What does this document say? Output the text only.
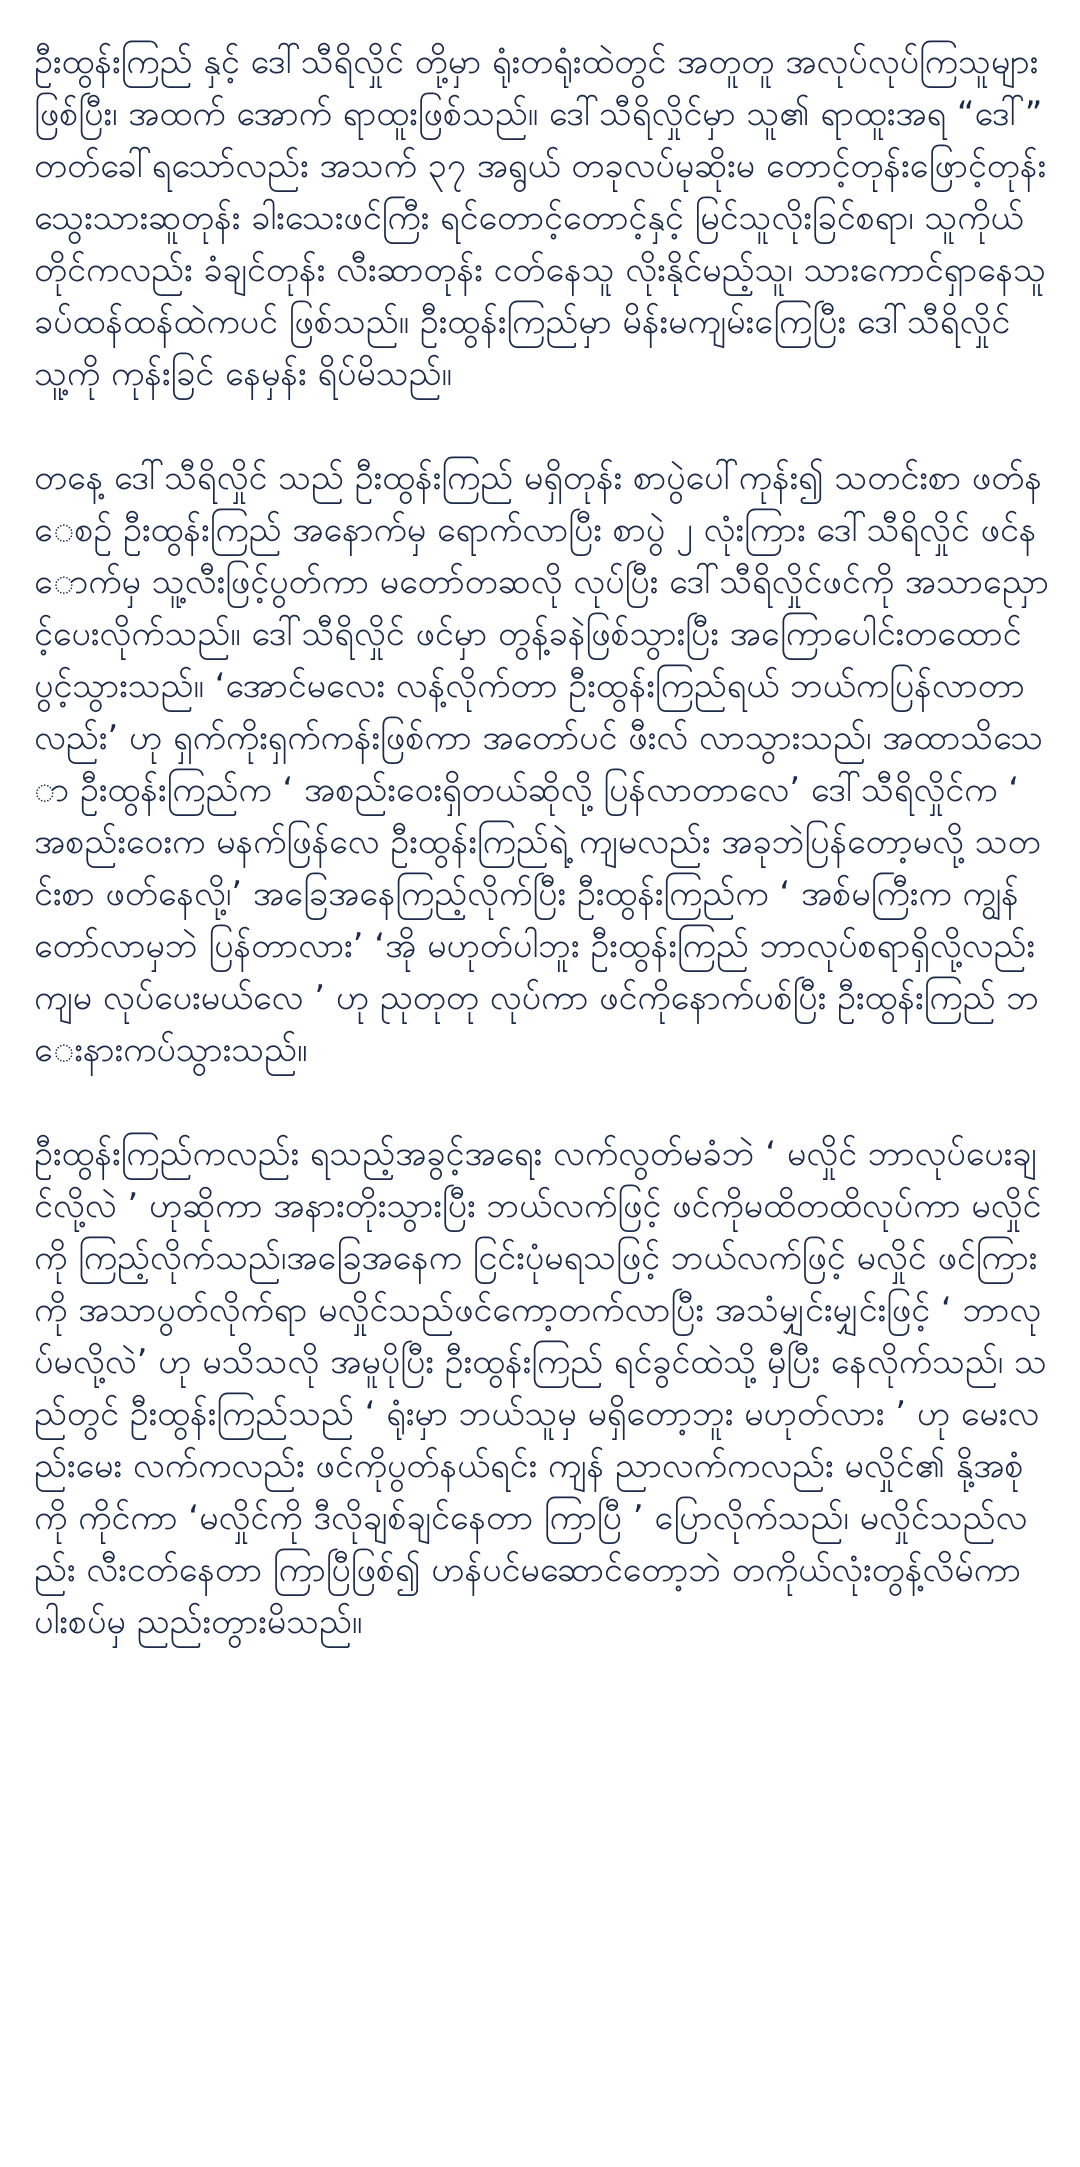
ဦးထွန်းကြည် နှင့် ဒေါ်သီရိလှိုင် တို့မှာ ရုံးတရုံးထဲတွင် အတူတူ အလုပ်လုပ်ကြသူများဖြစ်ပြီး၊ အထက် အောက် ရာထူးဖြစ်သည်။ ဒေါ်သီရိလှိုင်မှာ သူ၏ ရာထူးအရ “ဒေါ်” တတ်ခေါ်ရသော်လည်း အသက် ၃၇ အရွယ် တခုလပ်မုဆိုးမ တောင့်တုန်းဖြောင့်တုန်း သွေးသားဆူတုန်း ခါးသေးဖင်ကြီး ရင်တောင့်တောင့်နှင့် မြင်သူလိုးခြင်စရာ၊ သူကိုယ်တိုင်ကလည်း ခံချင်တုန်း လီးဆာတုန်း ငတ်နေသူ လိုးနိုင်မည့်သူ၊ သားကောင်ရှာနေသူ ခပ်ထန်ထန်ထဲကပင် ဖြစ်သည်။ ဦးထွန်းကြည်မှာ မိန်းမကျမ်းကြေပြီး ဒေါ်သီရိလှိုင် သူ့ကို ကုန်းခြင် နေမှန်း ရိပ်မိသည်။

တနေ့ ဒေါ်သီရိလှိုင် သည် ဦးထွန်းကြည် မရှိတုန်း စာပွဲပေါ်ကုန်း၍ သတင်းစာ ဖတ်နေစဉ် ဦးထွန်းကြည် အနောက်မှ ရောက်လာပြီး စာပွဲ ၂ လုံးကြား ဒေါ်သီရိလှိုင် ဖင်နောက်မှ သူ့လီးဖြင့်ပွတ်ကာ မတော်တဆလို လုပ်ပြီး ဒေါ်သီရိလှိုင်ဖင်ကို အသာညှောင့်ပေးလိုက်သည်။ ဒေါ်သီရိလှိုင် ဖင်မှာ တွန့်ခနဲဖြစ်သွားပြီး အကြောပေါင်းတထောင် ပွင့်သွားသည်။ ‘အောင်မလေး လန့်လိုက်တာ ဦးထွန်းကြည်ရယ် ဘယ်ကပြန်လာတာလည်း’ ဟု ရှက်ကိုးရှက်ကန်းဖြစ်ကာ အတော်ပင် ဖီးလ် လာသွားသည်၊ အထာသိသော ဦးထွန်းကြည်က ‘ အစည်းဝေးရှိတယ်ဆိုလို့ ပြန်လာတာလေ’ ဒေါ်သီရိလှိုင်က ‘ အစည်းဝေးက မနက်ဖြန်လေ ဦးထွန်းကြည်ရဲ့ ကျမလည်း အခုဘဲပြန်တော့မလို့ သတင်းစာ ဖတ်နေလို့၊’ အခြေအနေကြည့်လိုက်ပြီး ဦးထွန်းကြည်က ‘ အစ်မကြီးက ကျွန်တော်လာမှဘဲ ပြန်တာလား’ ‘အို မဟုတ်ပါဘူး ဦးထွန်းကြည် ဘာလုပ်စရာရှိလို့လည်း ကျမ လုပ်ပေးမယ်လေ ’ ဟု ညုတုတု လုပ်ကာ ဖင်ကိုနောက်ပစ်ပြီး ဦးထွန်းကြည် ဘေးနားကပ်သွားသည်။

ဦးထွန်းကြည်ကလည်း ရသည့်အခွင့်အရေး လက်လွတ်မခံဘဲ ‘ မလှိုင် ဘာလုပ်ပေးချင်လို့လဲ ’ ဟုဆိုကာ အနားတိုးသွားပြီး ဘယ်လက်ဖြင့် ဖင်ကိုမထိတထိလုပ်ကာ မလှိုင်ကို ကြည့်လိုက်သည်၊အခြေအနေက ငြင်းပုံမရသဖြင့် ဘယ်လက်ဖြင့် မလှိုင် ဖင်ကြားကို အသာပွတ်လိုက်ရာ မလှိုင်သည်ဖင်ကော့တက်လာပြီး အသံမျှင်းမျှင်းဖြင့် ‘ ဘာလုပ်မလို့လဲ’ ဟု မသိသလို အမူပိုပြီး ဦးထွန်းကြည် ရင်ခွင်ထဲသို့ မှီပြီး နေလိုက်သည်၊ သည်တွင် ဦးထွန်းကြည်သည် ‘ ရုံးမှာ ဘယ်သူမှ မရှိတော့ဘူး မဟုတ်လား ’ ဟု မေးလည်းမေး လက်ကလည်း ဖင်ကိုပွတ်နယ်ရင်း ကျန် ညာလက်ကလည်း မလှိုင်၏ နို့အစုံကို ကိုင်ကာ ‘မလှိုင်ကို ဒီလိုချစ်ချင်နေတာ ကြာပြီ ’ ပြောလိုက်သည်၊ မလှိုင်သည်လည်း လီးငတ်နေတာ ကြာပြီဖြစ်၍ ဟန်ပင်မဆောင်တော့ဘဲ တကိုယ်လုံးတွန့်လိမ်ကာ ပါးစပ်မှ ညည်းတွားမိသည်။
